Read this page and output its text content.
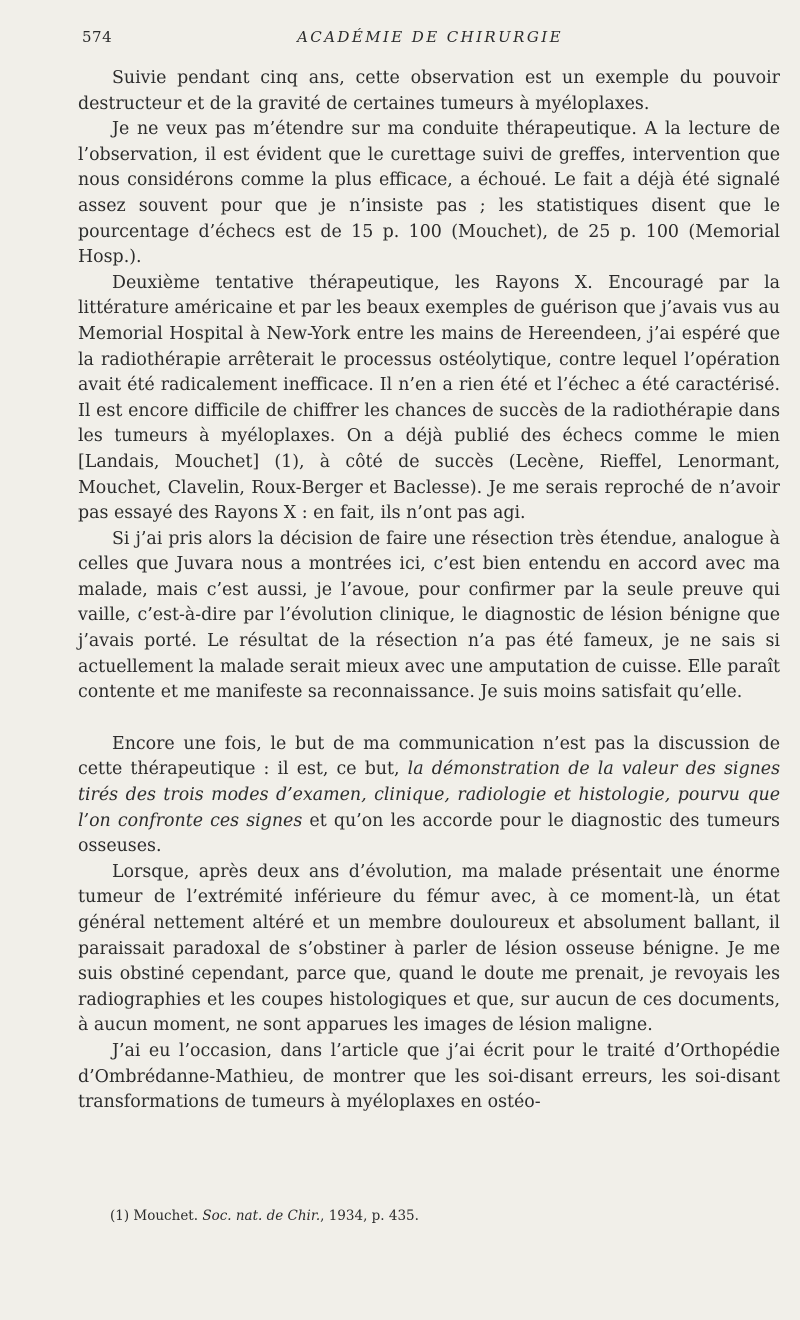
574	ACADÉMIE DE CHIRURGIE

Suivie pendant cinq ans, cette observation est un exemple du pouvoir destructeur et de la gravité de certaines tumeurs à myéloplaxes.

Je ne veux pas m’étendre sur ma conduite thérapeutique. A la lecture de l’observation, il est évident que le curettage suivi de greffes, intervention que nous considérons comme la plus efficace, a échoué. Le fait a déjà été signalé assez souvent pour que je n’insiste pas ; les statistiques disent que le pourcentage d’échecs est de 15 p. 100 (Mouchet), de 25 p. 100 (Memorial Hosp.).

Deuxième tentative thérapeutique, les Rayons X. Encouragé par la littérature américaine et par les beaux exemples de guérison que j’avais vus au Memorial Hospital à New-York entre les mains de Hereendeen, j’ai espéré que la radiothérapie arrêterait le processus ostéolytique, contre lequel l’opération avait été radicalement inefficace. Il n’en a rien été et l’échec a été caractérisé. Il est encore difficile de chiffrer les chances de succès de la radiothérapie dans les tumeurs à myéloplaxes. On a déjà publié des échecs comme le mien [Landais, Mouchet] (1), à côté de succès (Lecène, Rieffel, Lenormant, Mouchet, Clavelin, Roux-Berger et Baclesse). Je me serais reproché de n’avoir pas essayé des Rayons X : en fait, ils n’ont pas agi.

Si j’ai pris alors la décision de faire une résection très étendue, analogue à celles que Juvara nous a montrées ici, c’est bien entendu en accord avec ma malade, mais c’est aussi, je l’avoue, pour confirmer par la seule preuve qui vaille, c’est-à-dire par l’évolution clinique, le diagnostic de lésion bénigne que j’avais porté. Le résultat de la résection n’a pas été fameux, je ne sais si actuellement la malade serait mieux avec une amputation de cuisse. Elle paraît contente et me manifeste sa reconnaissance. Je suis moins satisfait qu’elle.

Encore une fois, le but de ma communication n’est pas la discussion de cette thérapeutique : il est, ce but, la démonstration de la valeur des signes tirés des trois modes d’examen, clinique, radiologie et histologie, pourvu que l’on confronte ces signes et qu’on les accorde pour le diagnostic des tumeurs osseuses.

Lorsque, après deux ans d’évolution, ma malade présentait une énorme tumeur de l’extrémité inférieure du fémur avec, à ce moment-là, un état général nettement altéré et un membre douloureux et absolument ballant, il paraissait paradoxal de s’obstiner à parler de lésion osseuse bénigne. Je me suis obstiné cependant, parce que, quand le doute me prenait, je revoyais les radiographies et les coupes histologiques et que, sur aucun de ces documents, à aucun moment, ne sont apparues les images de lésion maligne.

J’ai eu l’occasion, dans l’article que j’ai écrit pour le traité d’Orthopédie d’Ombrédanne-Mathieu, de montrer que les soi-disant erreurs, les soi-disant transformations de tumeurs à myéloplaxes en ostéo-

(1) Mouchet. Soc. nat. de Chir., 1934, p. 435.
